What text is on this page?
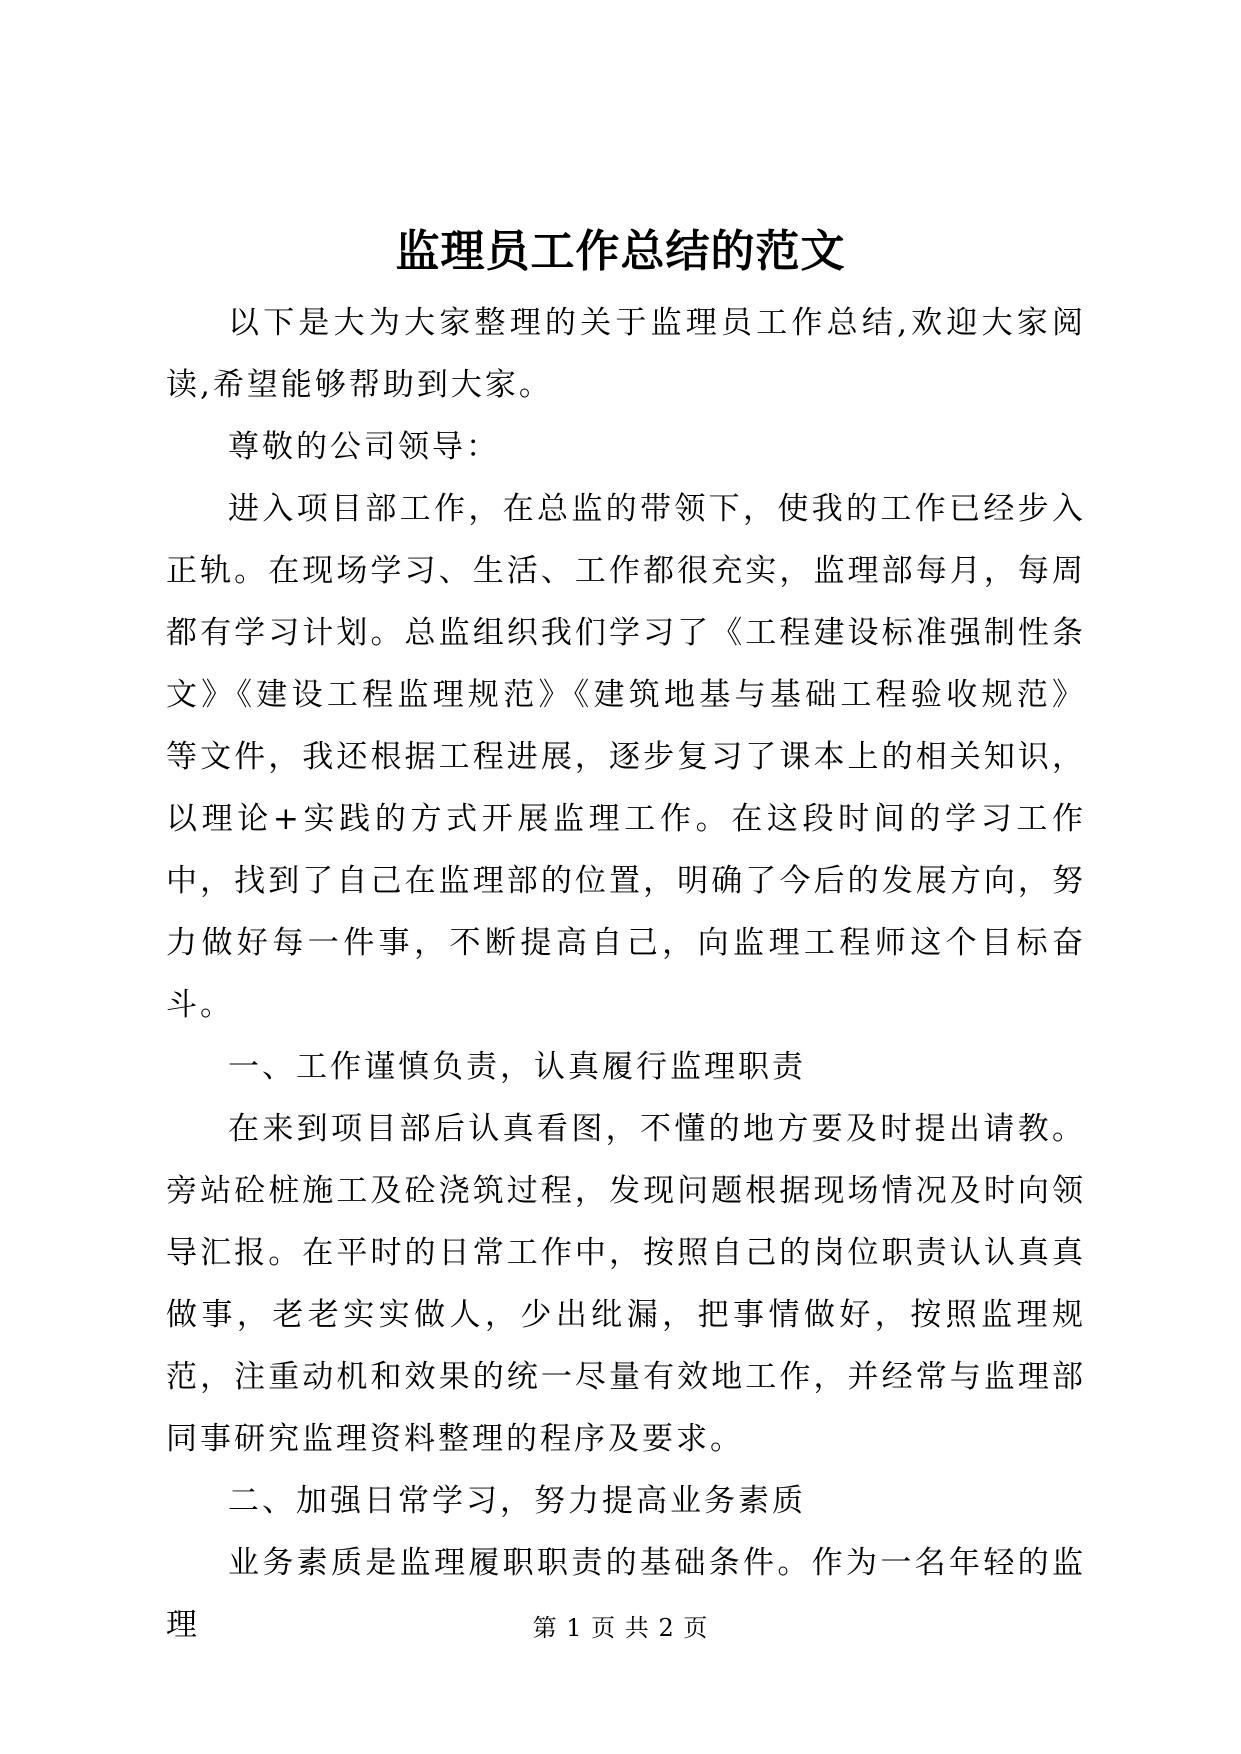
监理员工作总结的范文

以下是大为大家整理的关于监理员工作总结,欢迎大家阅读,希望能够帮助到大家。

尊敬的公司领导：

进入项目部工作，在总监的带领下，使我的工作已经步入正轨。在现场学习、生活、工作都很充实，监理部每月，每周都有学习计划。总监组织我们学习了《工程建设标准强制性条文》《建设工程监理规范》《建筑地基与基础工程验收规范》等文件，我还根据工程进展，逐步复习了课本上的相关知识，以理论+实践的方式开展监理工作。在这段时间的学习工作中，找到了自己在监理部的位置，明确了今后的发展方向，努力做好每一件事，不断提高自己，向监理工程师这个目标奋斗。

一、工作谨慎负责，认真履行监理职责

在来到项目部后认真看图，不懂的地方要及时提出请教。旁站砼桩施工及砼浇筑过程，发现问题根据现场情况及时向领导汇报。在平时的日常工作中，按照自己的岗位职责认认真真做事，老老实实做人，少出纰漏，把事情做好，按照监理规范，注重动机和效果的统一尽量有效地工作，并经常与监理部同事研究监理资料整理的程序及要求。

二、加强日常学习，努力提高业务素质

业务素质是监理履职职责的基础条件。作为一名年轻的监理	第 1 页 共 2 页
